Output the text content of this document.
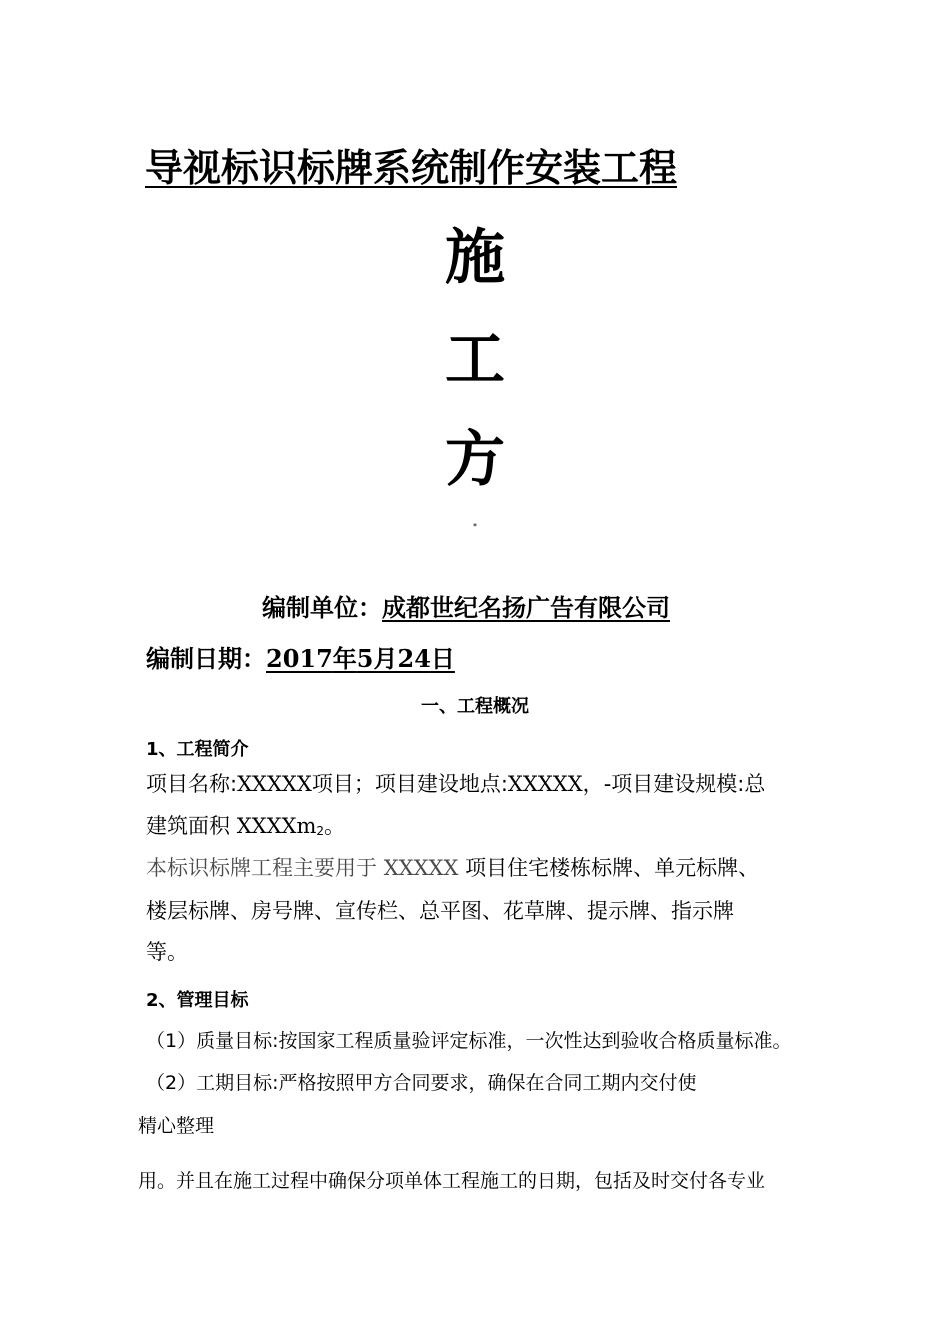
导视标识标牌系统制作安装工程
施
工
方
*
编制单位：成都世纪名扬广告有限公司
编制日期：2017年5月24日
一、工程概况
1、工程简介
项目名称:XXXXX项目；项目建设地点:XXXXX，-项目建设规模:总
建筑面积 XXXXm$_2$。
本标识标牌工程主要用于 XXXXX 项目住宅楼栋标牌、单元标牌、
楼层标牌、房号牌、宣传栏、总平图、花草牌、提示牌、指示牌
等。
2、管理目标
（1）质量目标:按国家工程质量验评定标准，一次性达到验收合格质量标准。
（2）工期目标:严格按照甲方合同要求，确保在合同工期内交付使
精心整理
用。并且在施工过程中确保分项单体工程施工的日期，包括及时交付各专业
